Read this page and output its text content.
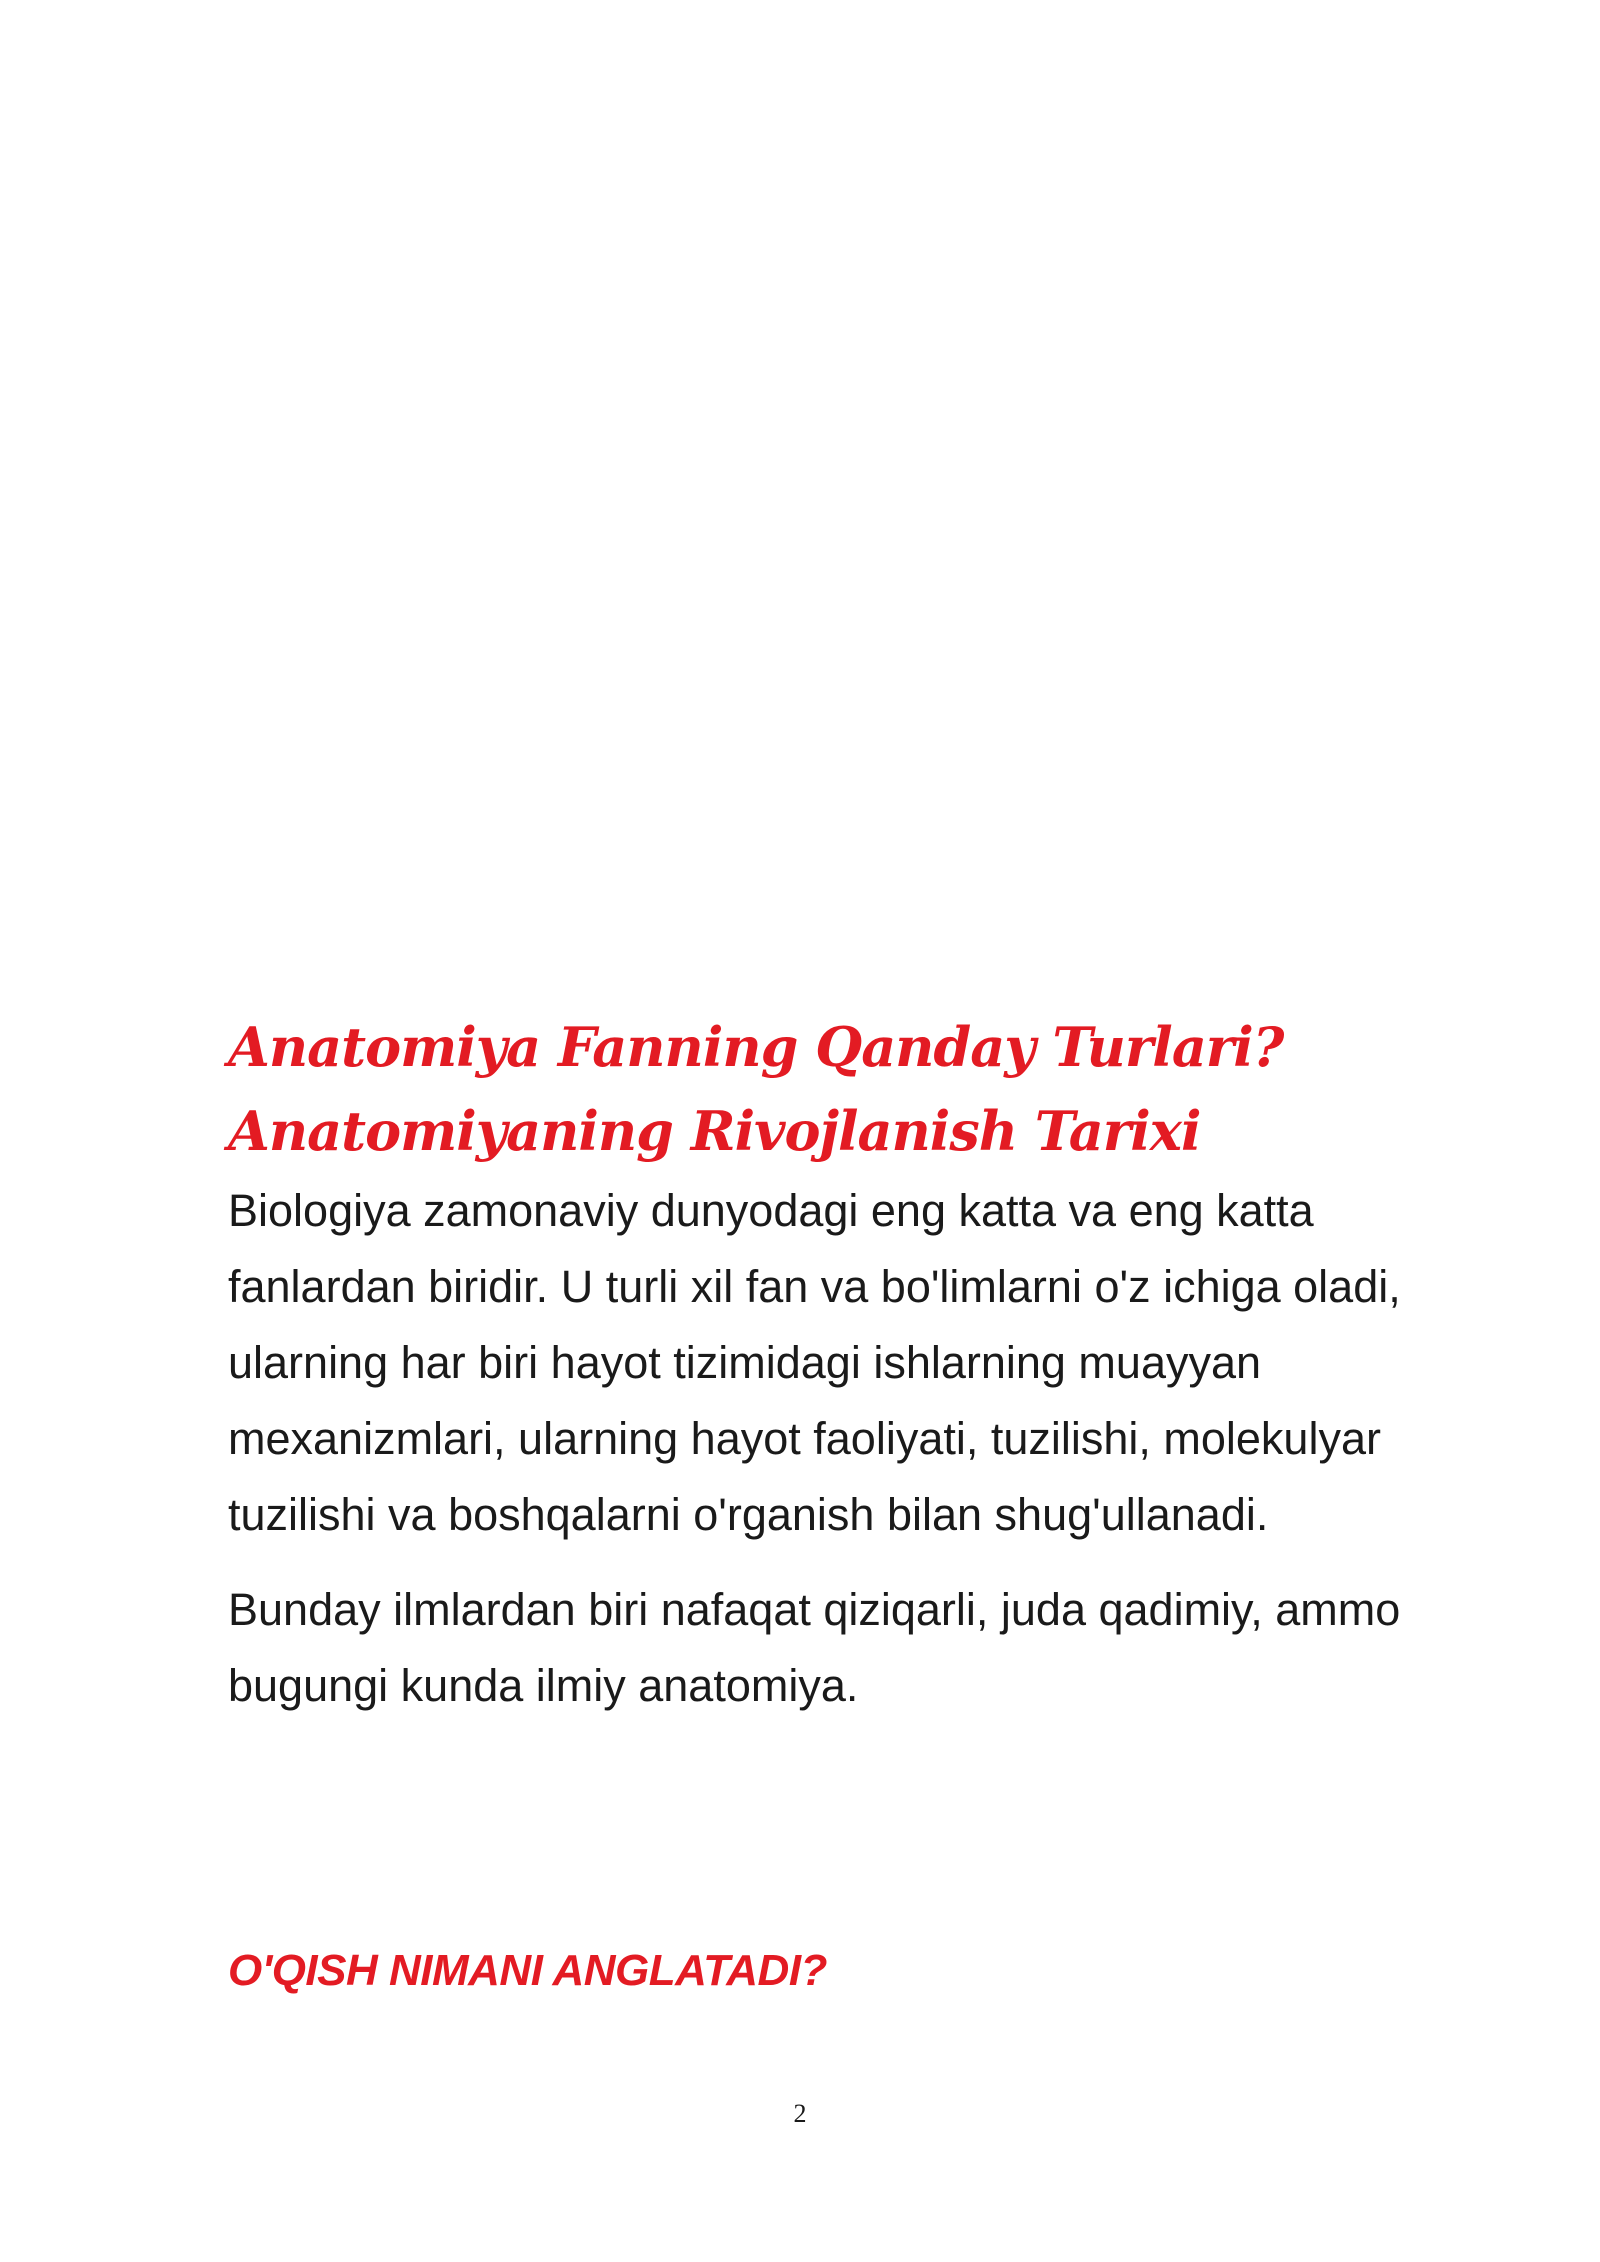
Anatomiya Fanning Qanday Turlari?
Anatomiyaning Rivojlanish Tarixi

Biologiya zamonaviy dunyodagi eng katta va eng katta fanlardan biridir. U turli xil fan va bo'limlarni o'z ichiga oladi, ularning har biri hayot tizimidagi ishlarning muayyan mexanizmlari, ularning hayot faoliyati, tuzilishi, molekulyar tuzilishi va boshqalarni o'rganish bilan shug'ullanadi.

Bunday ilmlardan biri nafaqat qiziqarli, juda qadimiy, ammo bugungi kunda ilmiy anatomiya.

O'QISH NIMANI ANGLATADI?
2
